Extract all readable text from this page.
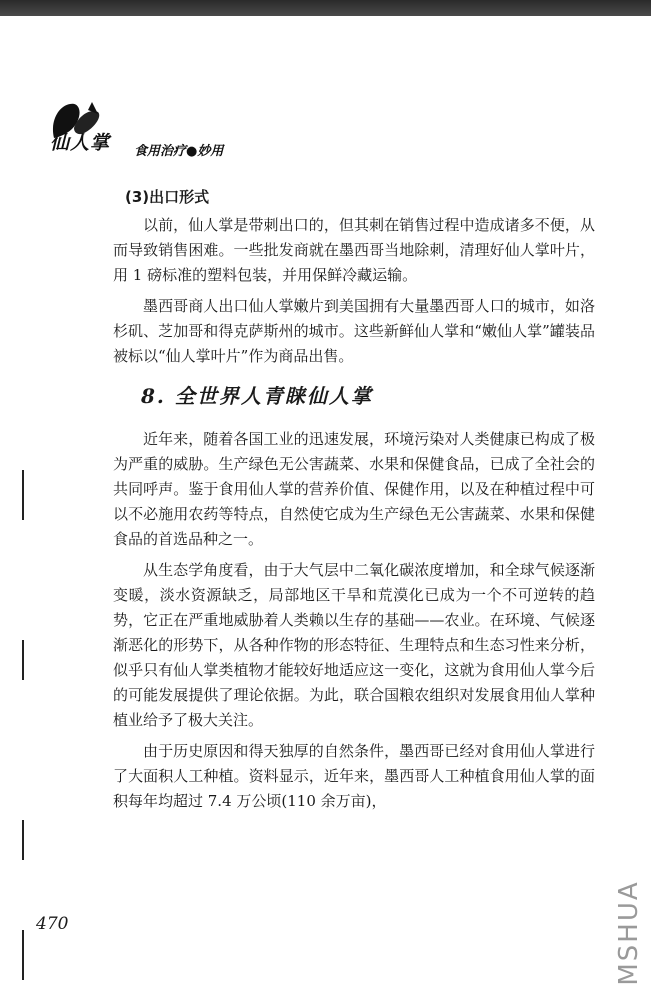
仙人掌 食用治疗●妙用
(3)出口形式

以前，仙人掌是带刺出口的，但其刺在销售过程中造成诸多不便，从而导致销售困难。一些批发商就在墨西哥当地除刺，清理好仙人掌叶片，用 1 磅标准的塑料包装，并用保鲜冷藏运输。

墨西哥商人出口仙人掌嫩片到美国拥有大量墨西哥人口的城市，如洛杉矶、芝加哥和得克萨斯州的城市。这些新鲜仙人掌和“嫩仙人掌”罐装品被标以“仙人掌叶片”作为商品出售。

8. 全世界人青睐仙人掌

近年来，随着各国工业的迅速发展，环境污染对人类健康已构成了极为严重的威胁。生产绿色无公害蔬菜、水果和保健食品，已成了全社会的共同呼声。鉴于食用仙人掌的营养价值、保健作用，以及在种植过程中可以不必施用农药等特点，自然使它成为生产绿色无公害蔬菜、水果和保健食品的首选品种之一。

从生态学角度看，由于大气层中二氧化碳浓度增加，和全球气候逐渐变暖，淡水资源缺乏，局部地区干旱和荒漠化已成为一个不可逆转的趋势，它正在严重地威胁着人类赖以生存的基础——农业。在环境、气候逐渐恶化的形势下，从各种作物的形态特征、生理特点和生态习性来分析，似乎只有仙人掌类植物才能较好地适应这一变化，这就为食用仙人掌今后的可能发展提供了理论依据。为此，联合国粮农组织对发展食用仙人掌种植业给予了极大关注。

由于历史原因和得天独厚的自然条件，墨西哥已经对食用仙人掌进行了大面积人工种植。资料显示，近年来，墨西哥人工种植食用仙人掌的面积每年均超过 7.4 万公顷(110 余万亩)，

470	MSHUA
